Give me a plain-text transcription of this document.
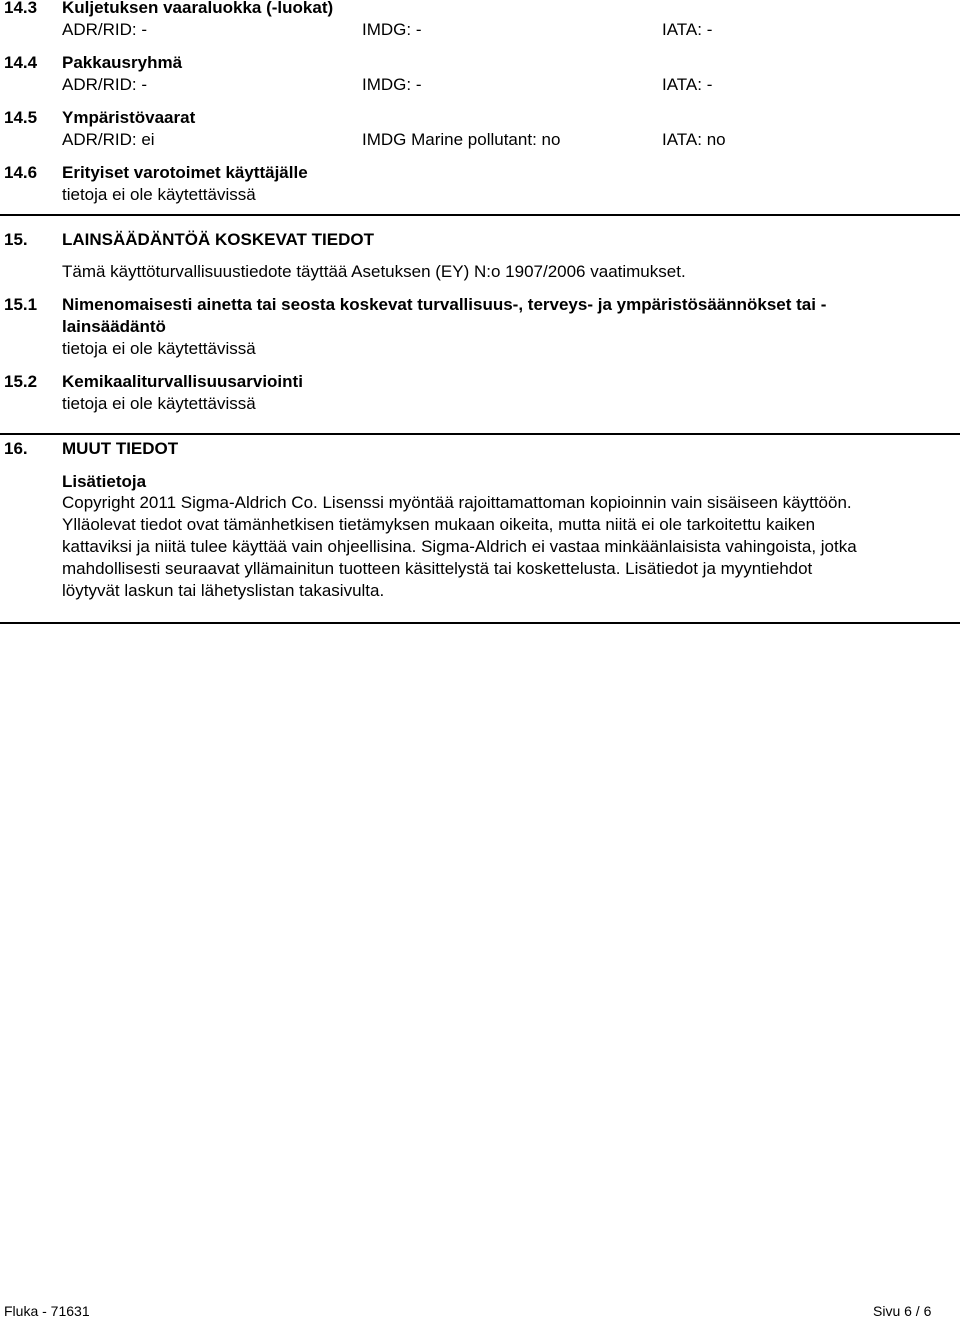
14.3 Kuljetuksen vaaraluokka (-luokat)
ADR/RID: -	IMDG: -	IATA: -
14.4 Pakkausryhmä
ADR/RID: -	IMDG: -	IATA: -
14.5 Ympäristövaarat
ADR/RID: ei	IMDG Marine pollutant: no	IATA: no
14.6 Erityiset varotoimet käyttäjälle
tietoja ei ole käytettävissä
15. LAINSÄÄDÄNTÖÄ KOSKEVAT TIEDOT
Tämä käyttöturvallisuustiedote täyttää Asetuksen (EY) N:o 1907/2006 vaatimukset.
15.1 Nimenomaisesti ainetta tai seosta koskevat turvallisuus-, terveys- ja ympäristösäännökset tai -
lainsäädäntö
tietoja ei ole käytettävissä
15.2 Kemikaaliturvallisuusarviointi
tietoja ei ole käytettävissä
16. MUUT TIEDOT
Lisätietoja
Copyright 2011 Sigma-Aldrich Co. Lisenssi myöntää rajoittamattoman kopioinnin vain sisäiseen käyttöön.
Ylläolevat tiedot ovat tämänhetkisen tietämyksen mukaan oikeita, mutta niitä ei ole tarkoitettu kaiken
kattaviksi ja niitä tulee käyttää vain ohjeellisina. Sigma-Aldrich ei vastaa minkäänlaisista vahingoista, jotka
mahdollisesti seuraavat yllämainitun tuotteen käsittelystä tai koskettelusta. Lisätiedot ja myyntiehdot
löytyvät laskun tai lähetyslistan takasivulta.
Fluka - 71631	Sivu 6 / 6
